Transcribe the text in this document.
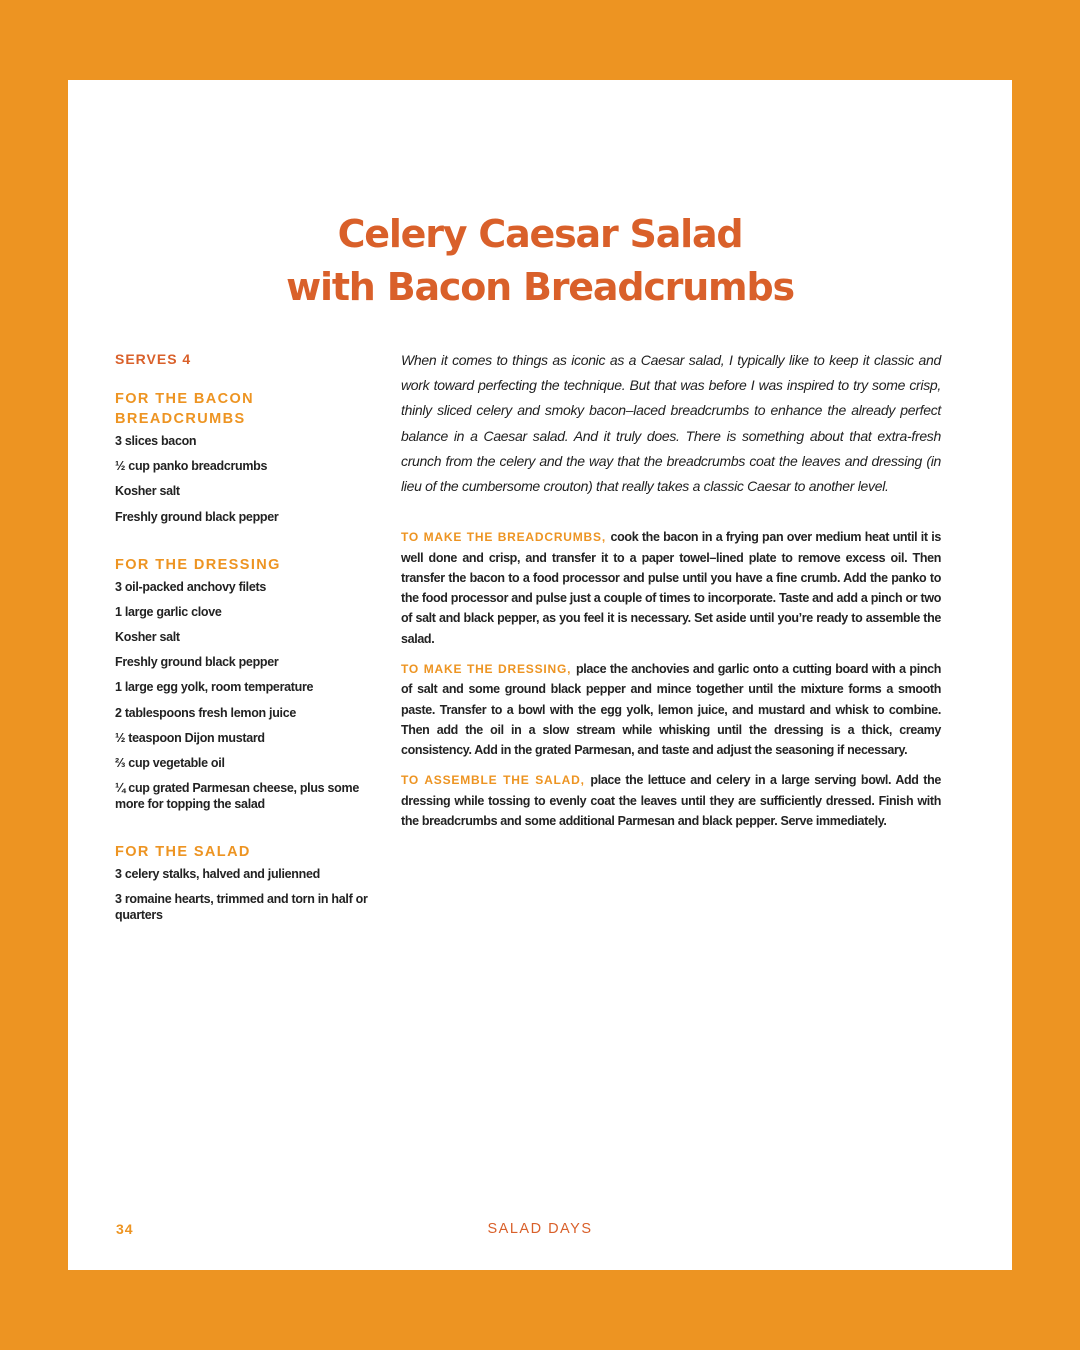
Celery Caesar Salad
with Bacon Breadcrumbs

SERVES 4

FOR THE BACON BREADCRUMBS

3 slices bacon
½ cup panko breadcrumbs
Kosher salt
Freshly ground black pepper

FOR THE DRESSING

3 oil-packed anchovy filets
1 large garlic clove
Kosher salt
Freshly ground black pepper
1 large egg yolk, room temperature
2 tablespoons fresh lemon juice
½ teaspoon Dijon mustard
⅔ cup vegetable oil
¼ cup grated Parmesan cheese, plus some more for topping the salad

FOR THE SALAD

3 celery stalks, halved and julienned
3 romaine hearts, trimmed and torn in half or quarters

When it comes to things as iconic as a Caesar salad, I typically like to keep it classic and work toward perfecting the technique. But that was before I was inspired to try some crisp, thinly sliced celery and smoky bacon–laced breadcrumbs to enhance the already perfect balance in a Caesar salad. And it truly does. There is something about that extra-fresh crunch from the celery and the way that the breadcrumbs coat the leaves and dressing (in lieu of the cumbersome crouton) that really takes a classic Caesar to another level.

TO MAKE THE BREADCRUMBS, cook the bacon in a frying pan over medium heat until it is well done and crisp, and transfer it to a paper towel–lined plate to remove excess oil. Then transfer the bacon to a food processor and pulse until you have a fine crumb. Add the panko to the food processor and pulse just a couple of times to incorporate. Taste and add a pinch or two of salt and black pepper, as you feel it is necessary. Set aside until you’re ready to assemble the salad.

TO MAKE THE DRESSING, place the anchovies and garlic onto a cutting board with a pinch of salt and some ground black pepper and mince together until the mixture forms a smooth paste. Transfer to a bowl with the egg yolk, lemon juice, and mustard and whisk to combine. Then add the oil in a slow stream while whisking until the dressing is a thick, creamy consistency. Add in the grated Parmesan, and taste and adjust the seasoning if necessary.

TO ASSEMBLE THE SALAD, place the lettuce and celery in a large serving bowl. Add the dressing while tossing to evenly coat the leaves until they are sufficiently dressed. Finish with the breadcrumbs and some additional Parmesan and black pepper. Serve immediately.

34	SALAD DAYS
